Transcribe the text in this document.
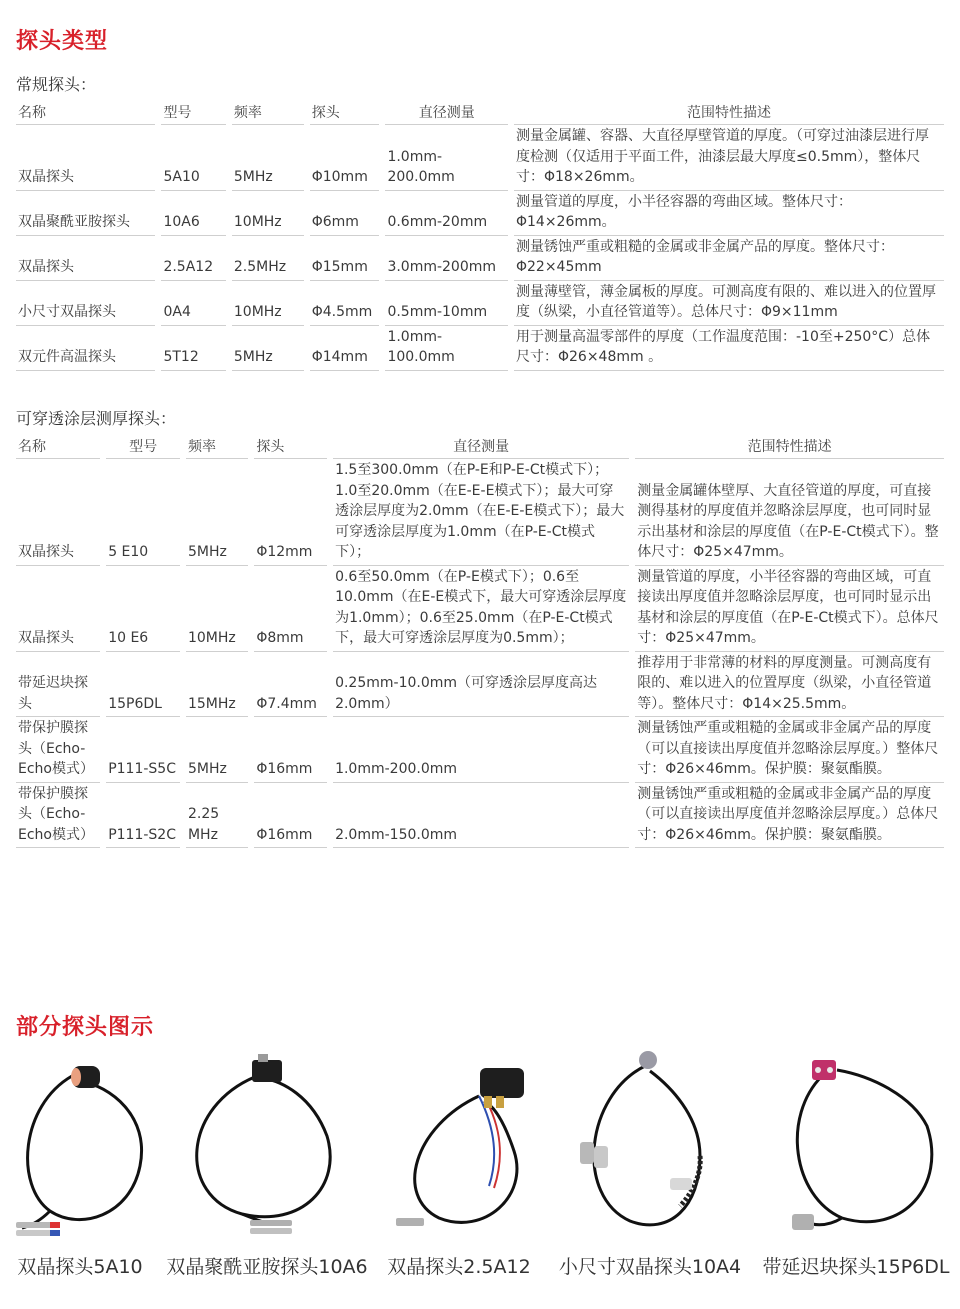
探头类型
常规探头：
名称	型号	频率	探头	直径测量	范围特性描述
双晶探头	5A10	5MHz	Φ10mm	1.0mm-200.0mm	测量金属罐、容器、大直径厚壁管道的厚度。（可穿过油漆层进行厚度检测（仅适用于平面工件，油漆层最大厚度≤0.5mm），整体尺寸：Φ18×26mm。
双晶聚酰亚胺探头	10A6	10MHz	Φ6mm	0.6mm-20mm	测量管道的厚度，小半径容器的弯曲区域。整体尺寸：Φ14×26mm。
双晶探头	2.5A12	2.5MHz	Φ15mm	3.0mm-200mm	测量锈蚀严重或粗糙的金属或非金属产品的厚度。整体尺寸：Φ22×45mm
小尺寸双晶探头	0A4	10MHz	Φ4.5mm	0.5mm-10mm	测量薄壁管，薄金属板的厚度。可测高度有限的、难以进入的位置厚度（纵梁，小直径管道等）。总体尺寸：Φ9×11mm
双元件高温探头	5T12	5MHz	Φ14mm	1.0mm-100.0mm	用于测量高温零部件的厚度（工作温度范围：-10至+250°C）总体尺寸：Φ26×48mm 。
可穿透涂层测厚探头：
名称	型号	频率	探头	直径测量	范围特性描述
双晶探头	5 E10	5MHz	Φ12mm	1.5至300.0mm（在P-E和P-E-Ct模式下）；1.0至20.0mm（在E-E-E模式下）；最大可穿透涂层厚度为2.0mm（在E-E-E模式下）；最大可穿透涂层厚度为1.0mm（在P-E-Ct模式下）；	测量金属罐体壁厚、大直径管道的厚度，可直接测得基材的厚度值并忽略涂层厚度，也可同时显示出基材和涂层的厚度值（在P-E-Ct模式下）。整体尺寸：Φ25×47mm。
双晶探头	10 E6	10MHz	Φ8mm	0.6至50.0mm（在P-E模式下）；0.6至10.0mm（在E-E模式下，最大可穿透涂层厚度为1.0mm）；0.6至25.0mm（在P-E-Ct模式下，最大可穿透涂层厚度为0.5mm）；	测量管道的厚度，小半径容器的弯曲区域，可直接读出厚度值并忽略涂层厚度，也可同时显示出基材和涂层的厚度值（在P-E-Ct模式下）。总体尺寸：Φ25×47mm。
带延迟块探头	15P6DL	15MHz	Φ7.4mm	0.25mm-10.0mm（可穿透涂层厚度高达2.0mm）	推荐用于非常薄的材料的厚度测量。可测高度有限的、难以进入的位置厚度（纵梁，小直径管道等）。整体尺寸：Φ14×25.5mm。
带保护膜探头（Echo-Echo模式）	P111-S5C	5MHz	Φ16mm	1.0mm-200.0mm	测量锈蚀严重或粗糙的金属或非金属产品的厚度（可以直接读出厚度值并忽略涂层厚度。）整体尺寸：Φ26×46mm。保护膜：聚氨酯膜。
带保护膜探头（Echo-Echo模式）	P111-S2C	2.25 MHz	Φ16mm	2.0mm-150.0mm	测量锈蚀严重或粗糙的金属或非金属产品的厚度（可以直接读出厚度值并忽略涂层厚度。）总体尺寸：Φ26×46mm。保护膜：聚氨酯膜。
部分探头图示
双晶探头5A10	双晶聚酰亚胺探头10A6 双晶探头2.5A12	小尺寸双晶探头10A4	带延迟块探头15P6DL
